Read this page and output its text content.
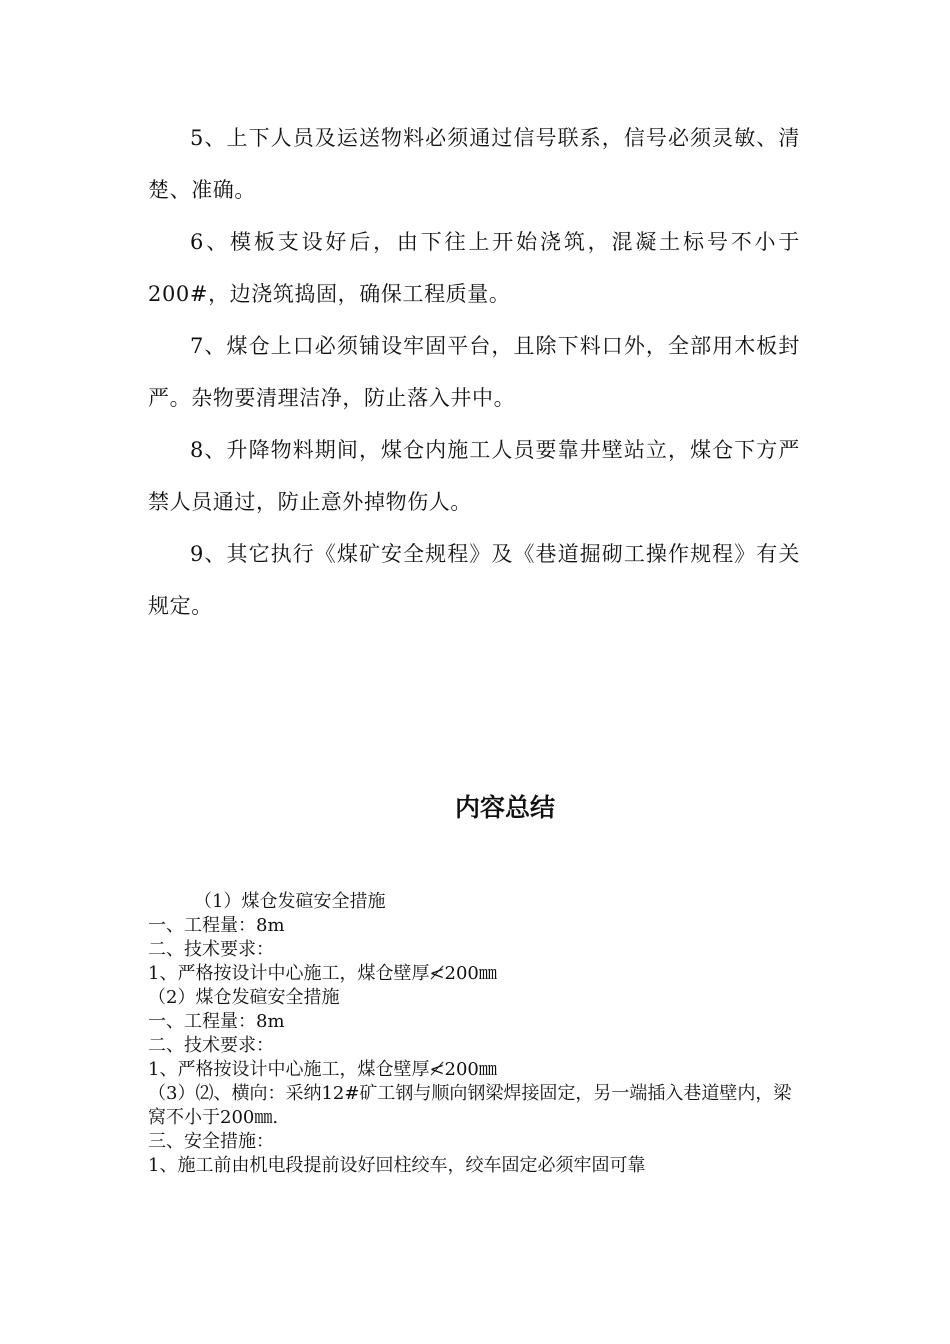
5、上下人员及运送物料必须通过信号联系，信号必须灵敏、清楚、准确。

6、模板支设好后，由下往上开始浇筑，混凝土标号不小于200#，边浇筑捣固，确保工程质量。

7、煤仓上口必须铺设牢固平台，且除下料口外，全部用木板封严。杂物要清理洁净，防止落入井中。

8、升降物料期间，煤仓内施工人员要靠井壁站立，煤仓下方严禁人员通过，防止意外掉物伤人。

9、其它执行《煤矿安全规程》及《巷道掘砌工操作规程》有关规定。

内容总结
（1）煤仓发碹安全措施
一、工程量：8m
二、技术要求：
1、严格按设计中心施工，煤仓壁厚≮200㎜
（2）煤仓发碹安全措施
一、工程量：8m
二、技术要求：
1、严格按设计中心施工，煤仓壁厚≮200㎜
（3）⑵、横向：采纳12#矿工钢与顺向钢梁焊接固定，另一端插入巷道壁内，梁窝不小于200㎜.
三、安全措施：
1、施工前由机电段提前设好回柱绞车，绞车固定必须牢固可靠
